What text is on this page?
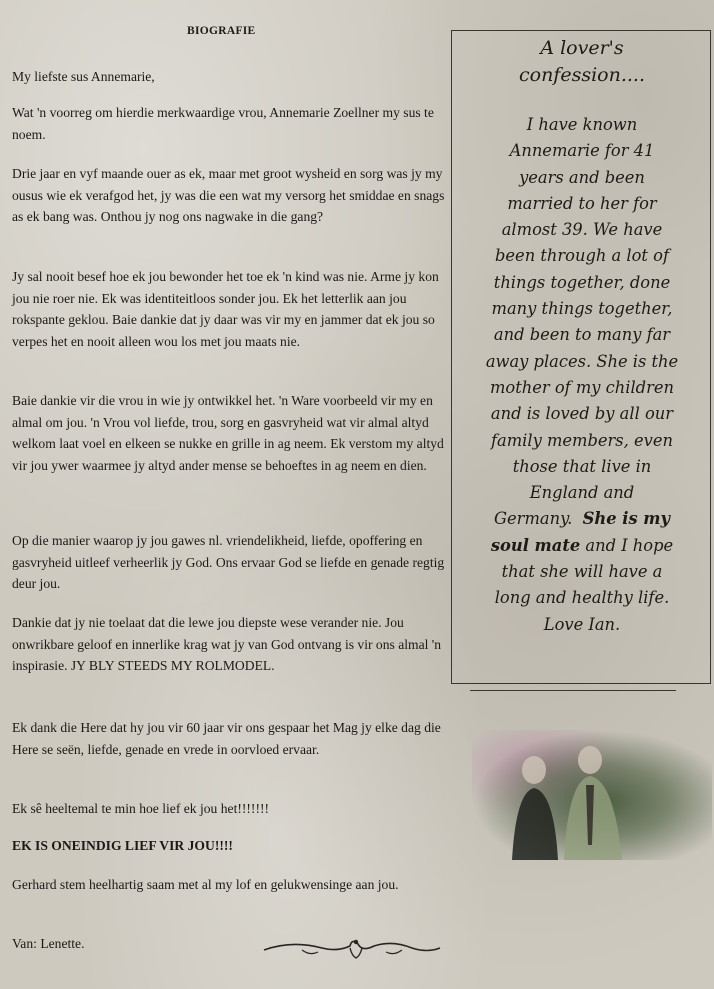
BIOGRAFIE

My liefste sus Annemarie,

Wat 'n voorreg om hierdie merkwaardige vrou, Annemarie Zoellner my sus te noem.

Drie jaar en vyf maande ouer as ek, maar met groot wysheid en sorg was jy my ousus wie ek verafgod het, jy was die een wat my versorg het smiddae en snags as ek bang was. Onthou jy nog ons nagwake in die gang?

Jy sal nooit besef hoe ek jou bewonder het toe ek 'n kind was nie. Arme jy kon jou nie roer nie. Ek was identiteitloos sonder jou. Ek het letterlik aan jou rokspante geklou. Baie dankie dat jy daar was vir my en jammer dat ek jou so verpes het en nooit alleen wou los met jou maats nie.

Baie dankie vir die vrou in wie jy ontwikkel het. 'n Ware voorbeeld vir my en almal om jou. 'n Vrou vol liefde, trou, sorg en gasvryheid wat vir almal altyd welkom laat voel en elkeen se nukke en grille in ag neem. Ek verstom my altyd vir jou ywer waarmee jy altyd ander mense se behoeftes in ag neem en dien.

Op die manier waarop jy jou gawes nl. vriendelikheid, liefde, opoffering en gasvryheid uitleef verheerlik jy God. Ons ervaar God se liefde en genade regtig deur jou.

Dankie dat jy nie toelaat dat die lewe jou diepste wese verander nie. Jou onwrikbare geloof en innerlike krag wat jy van God ontvang is vir ons almal 'n inspirasie. JY BLY STEEDS MY ROLMODEL.

Ek dank die Here dat hy jou vir 60 jaar vir ons gespaar het Mag jy elke dag die Here se seën, liefde, genade en vrede in oorvloed ervaar.

Ek sê heeltemal te min hoe lief ek jou het!!!!!!!

EK IS ONEINDIG LIEF VIR JOU!!!!

Gerhard stem heelhartig saam met al my lof en gelukwensinge aan jou.

Van: Lenette.

A lover's
confession....
I have known
Annemarie for 41
years and been
married to her for
almost 39. We have
been through a lot of
things together, done
many things together,
and been to many far
away places. She is the
mother of my children
and is loved by all our
family members, even
those that live in
England and
Germany. She is my
soul mate and I hope
that she will have a
long and healthy life.
Love Ian.
